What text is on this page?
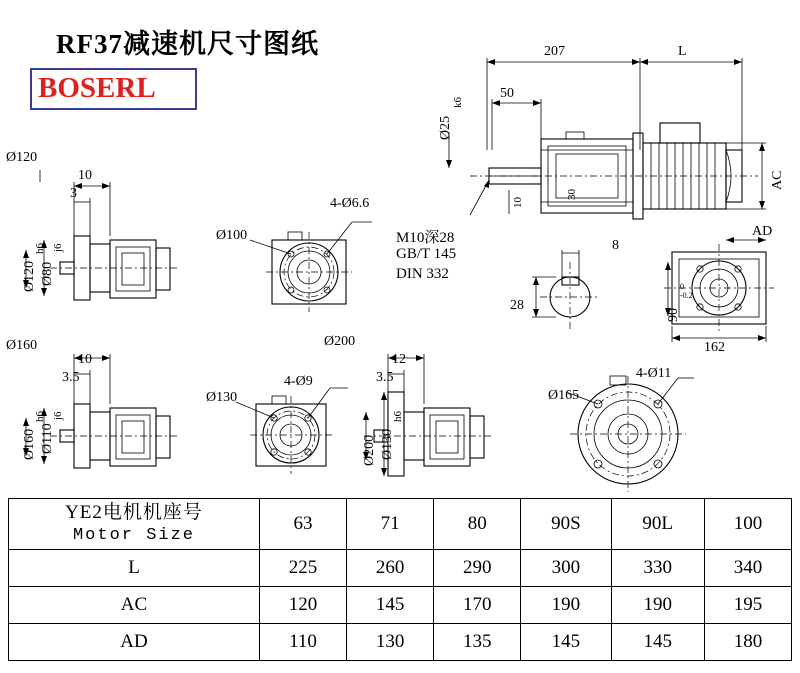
RF37减速机尺寸图纸
BOSERL
207	L
50
Ø25
k6
AC
10
30
M10深28
GB/T 145
DIN 332
8
28
AD
90
0
-0.2
162
Ø120
10
3
Ø120
h6
Ø80
j6
4-Ø6.6
Ø100
Ø160
10
3.5
Ø160
h6
Ø110
j6
4-Ø9
Ø130
Ø200
12
3.5
Ø200 Ø130
h6
4-Ø11
Ø165
YE2电机机座号
Motor Size	63	71	80	90S	90L	100
L	225	260	290	300	330	340
AC	120	145	170	190	190	195
AD	110	130	135	145	145	180
